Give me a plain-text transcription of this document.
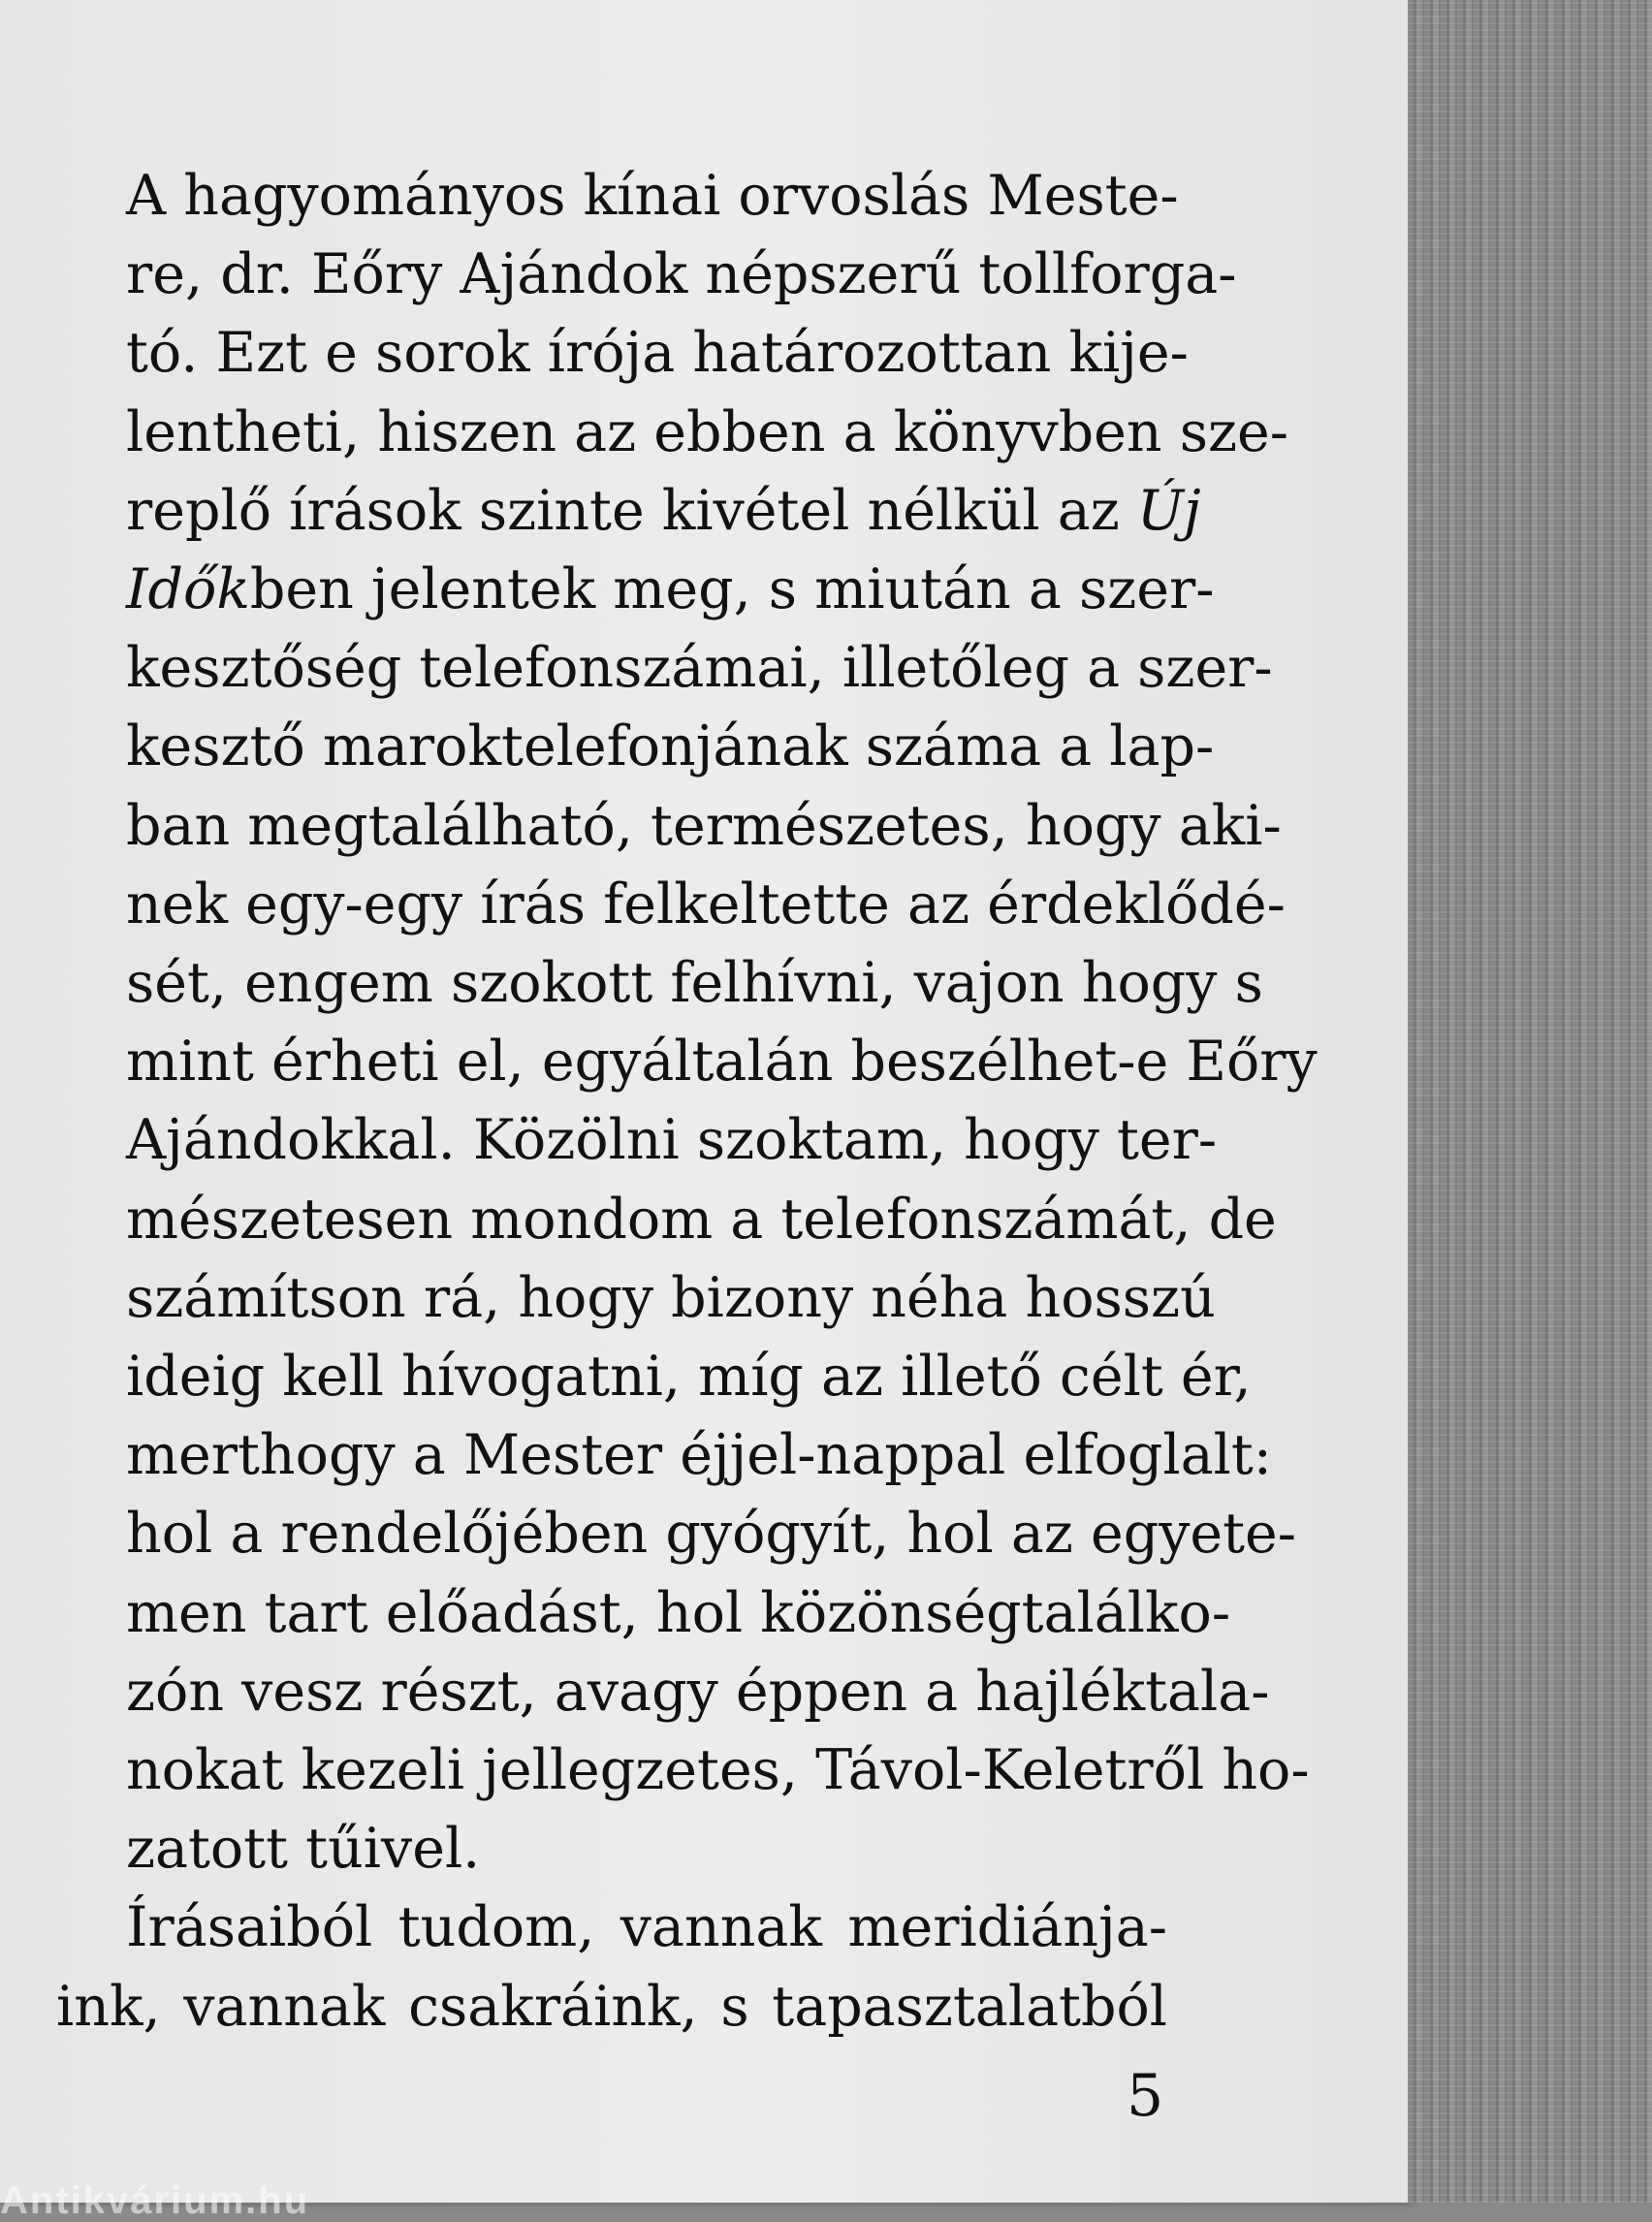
A hagyományos kínai orvoslás Meste-
re, dr. Eőry Ajándok népszerű tollforga-
tó. Ezt e sorok írója határozottan kije-
lentheti, hiszen az ebben a könyvben sze-
replő írások szinte kivétel nélkül az Új
Időkben jelentek meg, s miután a szer-
kesztőség telefonszámai, illetőleg a szer-
kesztő maroktelefonjának száma a lap-
ban megtalálható, természetes, hogy aki-
nek egy-egy írás felkeltette az érdeklődé-
sét, engem szokott felhívni, vajon hogy s
mint érheti el, egyáltalán beszélhet-e Eőry
Ajándokkal. Közölni szoktam, hogy ter-
mészetesen mondom a telefonszámát, de
számítson rá, hogy bizony néha hosszú
ideig kell hívogatni, míg az illető célt ér,
merthogy a Mester éjjel-nappal elfoglalt:
hol a rendelőjében gyógyít, hol az egyete-
men tart előadást, hol közönségtalálko-
zón vesz részt, avagy éppen a hajléktala-
nokat kezeli jellegzetes, Távol-Keletről ho-
zatott tűivel.

Írásaiból tudom, vannak meridiánja-
ink, vannak csakráink, s tapasztalatból

5
Antikvárium.hu
